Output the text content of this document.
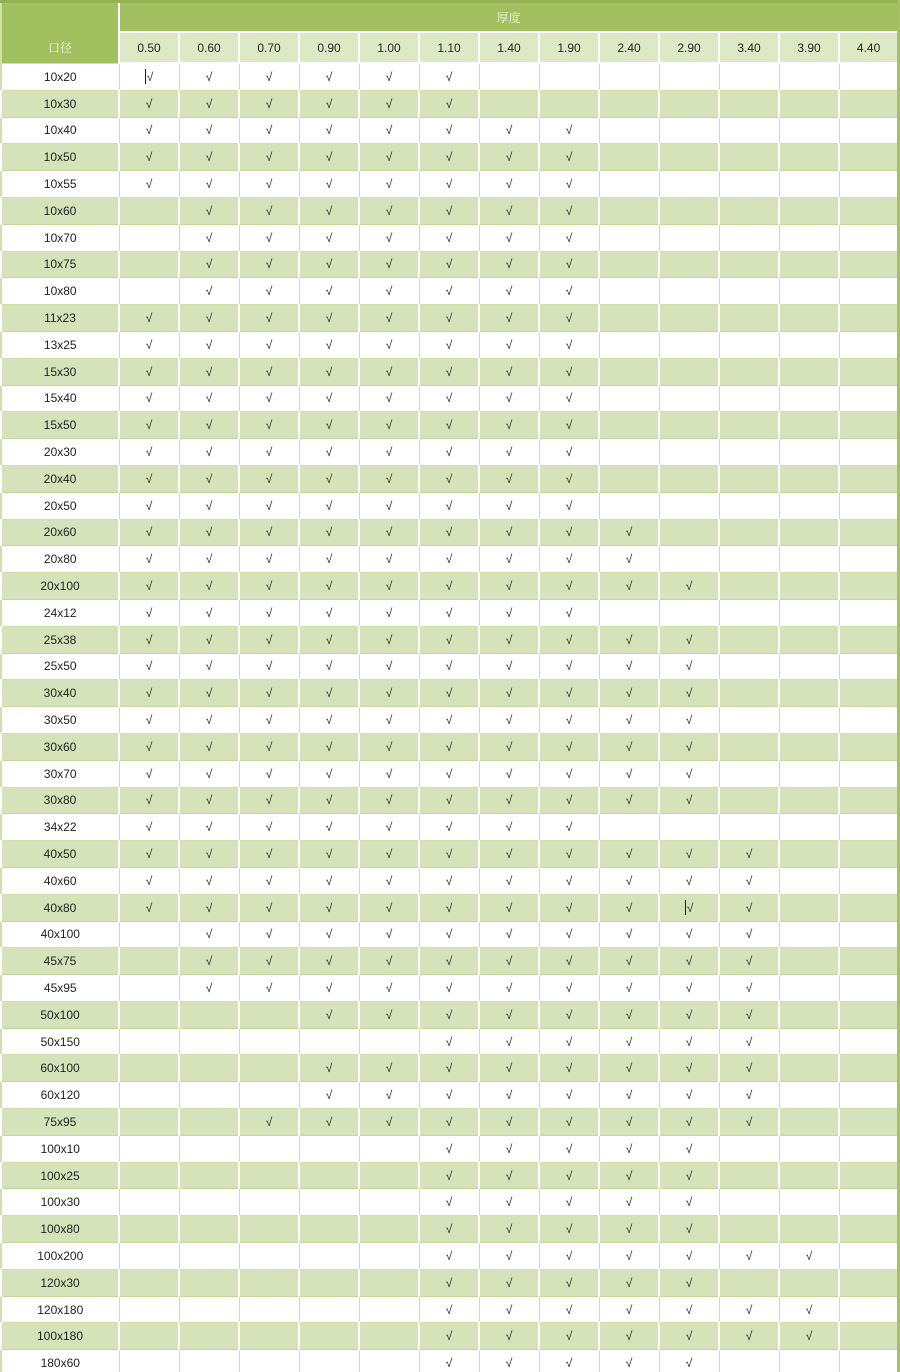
口径	厚度												
	0.50	0.60	0.70	0.90	1.00	1.10	1.40	1.90	2.40	2.90	3.40	3.90	4.40
10x20	√	√	√	√	√	√							
10x30	√	√	√	√	√	√							
10x40	√	√	√	√	√	√	√	√					
10x50	√	√	√	√	√	√	√	√					
10x55	√	√	√	√	√	√	√	√					
10x60		√	√	√	√	√	√	√					
10x70		√	√	√	√	√	√	√					
10x75		√	√	√	√	√	√	√					
10x80		√	√	√	√	√	√	√					
11x23	√	√	√	√	√	√	√	√					
13x25	√	√	√	√	√	√	√	√					
15x30	√	√	√	√	√	√	√	√					
15x40	√	√	√	√	√	√	√	√					
15x50	√	√	√	√	√	√	√	√					
20x30	√	√	√	√	√	√	√	√					
20x40	√	√	√	√	√	√	√	√					
20x50	√	√	√	√	√	√	√	√					
20x60	√	√	√	√	√	√	√	√	√				
20x80	√	√	√	√	√	√	√	√	√				
20x100	√	√	√	√	√	√	√	√	√	√			
24x12	√	√	√	√	√	√	√	√					
25x38	√	√	√	√	√	√	√	√	√	√			
25x50	√	√	√	√	√	√	√	√	√	√			
30x40	√	√	√	√	√	√	√	√	√	√			
30x50	√	√	√	√	√	√	√	√	√	√			
30x60	√	√	√	√	√	√	√	√	√	√			
30x70	√	√	√	√	√	√	√	√	√	√			
30x80	√	√	√	√	√	√	√	√	√	√			
34x22	√	√	√	√	√	√	√	√					
40x50	√	√	√	√	√	√	√	√	√	√	√		
40x60	√	√	√	√	√	√	√	√	√	√	√		
40x80	√	√	√	√	√	√	√	√	√	√	√		
40x100		√	√	√	√	√	√	√	√	√	√		
45x75		√	√	√	√	√	√	√	√	√	√		
45x95		√	√	√	√	√	√	√	√	√	√		
50x100				√	√	√	√	√	√	√	√		
50x150						√	√	√	√	√	√		
60x100				√	√	√	√	√	√	√	√		
60x120				√	√	√	√	√	√	√	√		
75x95			√	√	√	√	√	√	√	√	√		
100x10						√	√	√	√	√			
100x25						√	√	√	√	√			
100x30						√	√	√	√	√			
100x80						√	√	√	√	√			
100x200						√	√	√	√	√	√	√	
120x30						√	√	√	√	√			
120x180						√	√	√	√	√	√	√	
100x180						√	√	√	√	√	√	√	
180x60						√	√	√	√	√			
